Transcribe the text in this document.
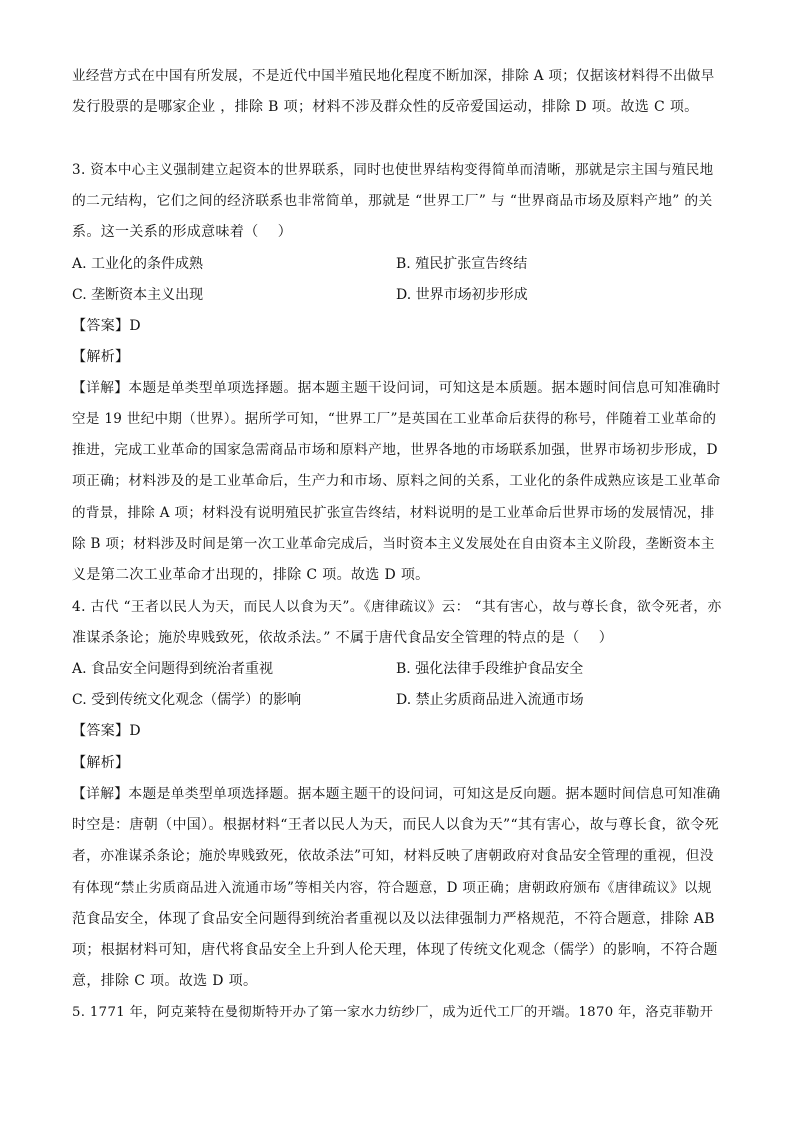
业经营方式在中国有所发展，不是近代中国半殖民地化程度不断加深，排除 A 项；仅据该材料得不出做早
发行股票的是哪家企业 ，排除 B 项；材料不涉及群众性的反帝爱国运动，排除 D 项。故选 C 项。
3. 资本中心主义强制建立起资本的世界联系，同时也使世界结构变得简单而清晰，那就是宗主国与殖民地
的二元结构，它们之间的经济联系也非常简单，那就是 “世界工厂” 与 “世界商品市场及原料产地” 的关
系。这一关系的形成意味着（　 ）
A. 工业化的条件成熟	B. 殖民扩张宣告终结
C. 垄断资本主义出现	D. 世界市场初步形成
【答案】D
【解析】
【详解】本题是单类型单项选择题。据本题主题干设问词，可知这是本质题。据本题时间信息可知准确时
空是 19 世纪中期（世界）。据所学可知，“世界工厂”是英国在工业革命后获得的称号，伴随着工业革命的
推进，完成工业革命的国家急需商品市场和原料产地，世界各地的市场联系加强，世界市场初步形成，D
项正确；材料涉及的是工业革命后，生产力和市场、原料之间的关系，工业化的条件成熟应该是工业革命
的背景，排除 A 项；材料没有说明殖民扩张宣告终结，材料说明的是工业革命后世界市场的发展情况，排
除 B 项；材料涉及时间是第一次工业革命完成后，当时资本主义发展处在自由资本主义阶段，垄断资本主
义是第二次工业革命才出现的，排除 C 项。故选 D 项。
4. 古代 “王者以民人为天，而民人以食为天”。《唐律疏议》云： “其有害心，故与尊长食，欲令死者，亦
准谋杀条论；施於卑贱致死，依故杀法。” 不属于唐代食品安全管理的特点的是（　 ）
A. 食品安全问题得到统治者重视	B. 强化法律手段维护食品安全
C. 受到传统文化观念（儒学）的影响	D. 禁止劣质商品进入流通市场
【答案】D
【解析】
【详解】本题是单类型单项选择题。据本题主题干的设问词，可知这是反向题。据本题时间信息可知准确
时空是：唐朝（中国）。根据材料“王者以民人为天，而民人以食为天”“其有害心，故与尊长食，欲令死
者，亦准谋杀条论；施於卑贱致死，依故杀法”可知，材料反映了唐朝政府对食品安全管理的重视，但没
有体现“禁止劣质商品进入流通市场”等相关内容，符合题意，D 项正确；唐朝政府颁布《唐律疏议》以规
范食品安全，体现了食品安全问题得到统治者重视以及以法律强制力严格规范，不符合题意，排除 AB
项；根据材料可知，唐代将食品安全上升到人伦天理，体现了传统文化观念（儒学）的影响，不符合题
意，排除 C 项。故选 D 项。
5. 1771 年，阿克莱特在曼彻斯特开办了第一家水力纺纱厂，成为近代工厂的开端。1870 年，洛克菲勒开
